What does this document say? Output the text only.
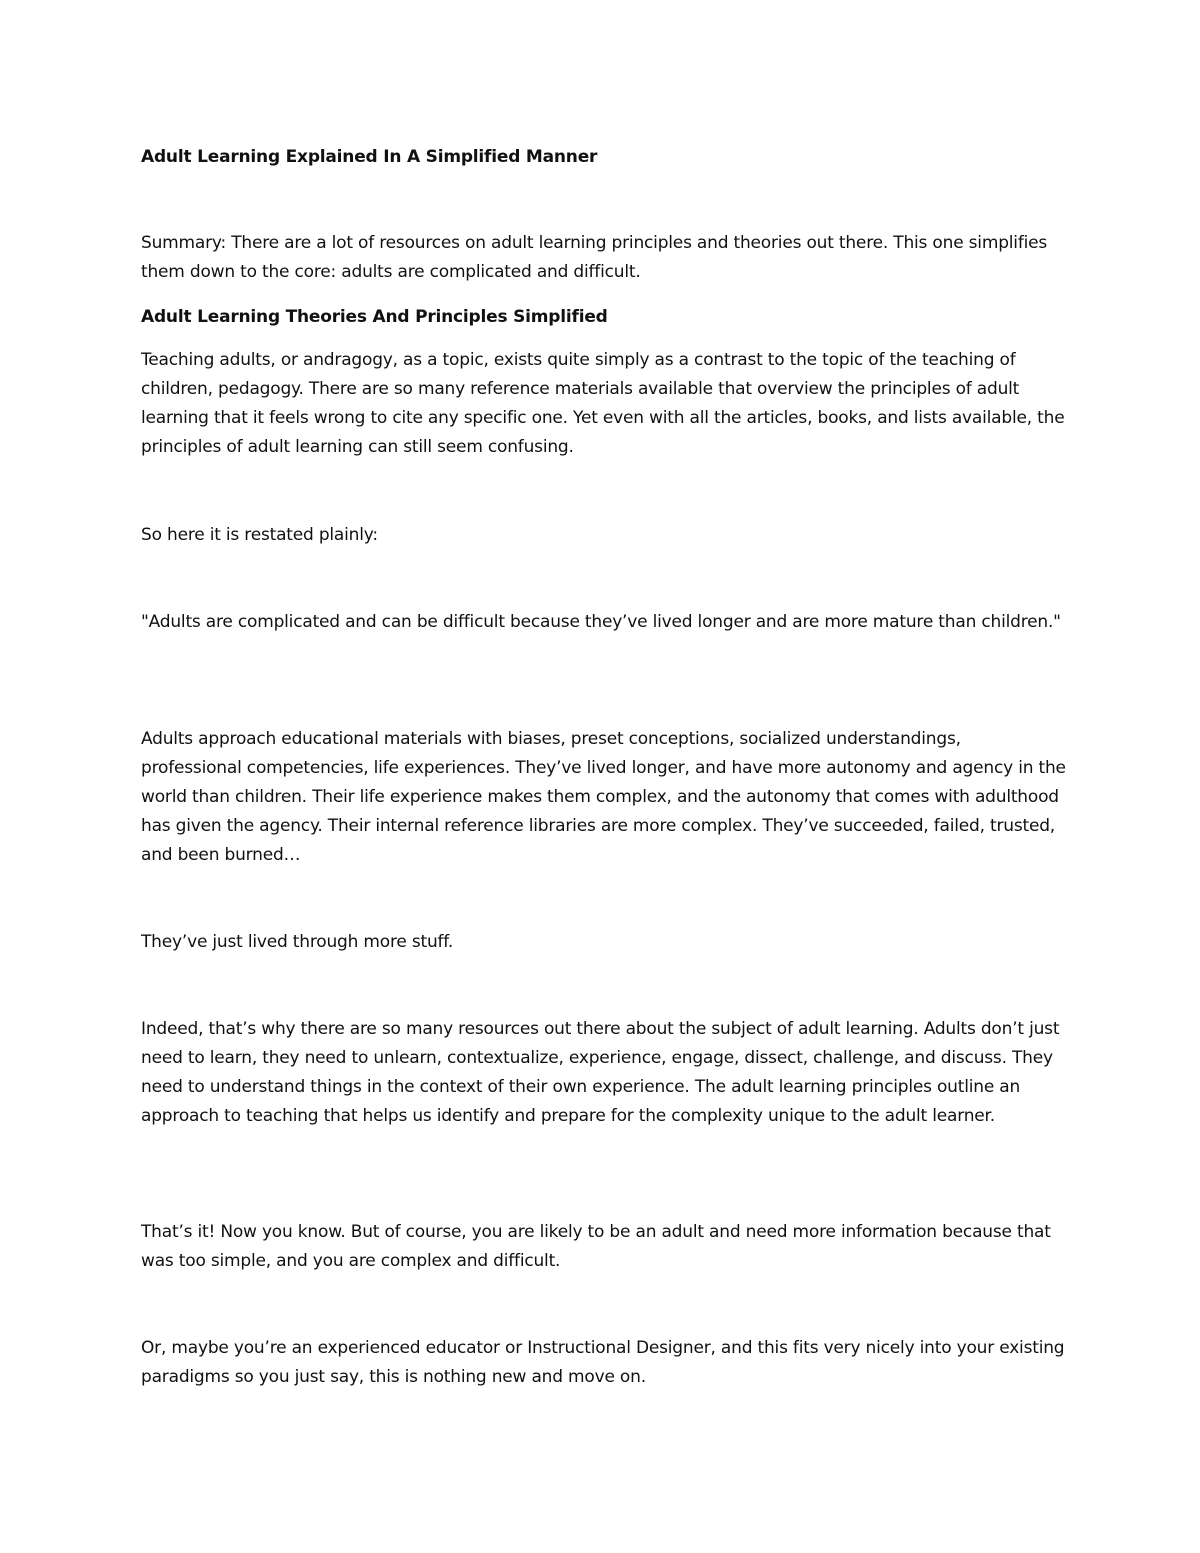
Adult Learning Explained In A Simplified Manner

Summary: There are a lot of resources on adult learning principles and theories out there. This one simplifies them down to the core: adults are complicated and difficult.

Adult Learning Theories And Principles Simplified

Teaching adults, or andragogy, as a topic, exists quite simply as a contrast to the topic of the teaching of children, pedagogy. There are so many reference materials available that overview the principles of adult learning that it feels wrong to cite any specific one. Yet even with all the articles, books, and lists available, the principles of adult learning can still seem confusing.

So here it is restated plainly:

"Adults are complicated and can be difficult because they’ve lived longer and are more mature than children."

Adults approach educational materials with biases, preset conceptions, socialized understandings, professional competencies, life experiences. They’ve lived longer, and have more autonomy and agency in the world than children. Their life experience makes them complex, and the autonomy that comes with adulthood has given the agency. Their internal reference libraries are more complex. They’ve succeeded, failed, trusted, and been burned…

They’ve just lived through more stuff.

Indeed, that’s why there are so many resources out there about the subject of adult learning. Adults don’t just need to learn, they need to unlearn, contextualize, experience, engage, dissect, challenge, and discuss. They need to understand things in the context of their own experience. The adult learning principles outline an approach to teaching that helps us identify and prepare for the complexity unique to the adult learner.

That’s it! Now you know. But of course, you are likely to be an adult and need more information because that was too simple, and you are complex and difficult.

Or, maybe you’re an experienced educator or Instructional Designer, and this fits very nicely into your existing paradigms so you just say, this is nothing new and move on.
